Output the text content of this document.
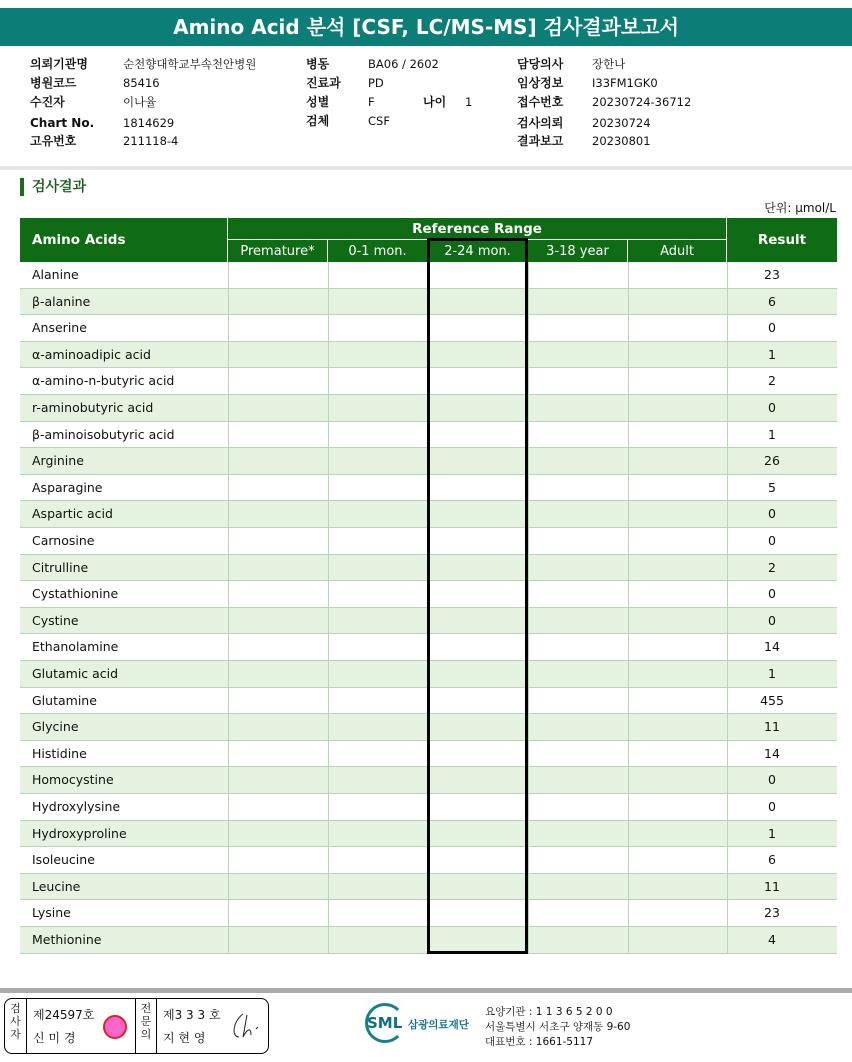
Amino Acid 분석 [CSF, LC/MS-MS] 검사결과보고서
의뢰기관명	순천향대학교부속천안병원
병원코드	85416
수진자	이나율
Chart No.	1814629
고유번호	211118-4
병동	BA06 / 2602
진료과 PD
성별	F
검체	CSF
나이 1
담당의사 장한나
임상정보 I33FM1GK0
접수번호 20230724-36712
검사의뢰 20230724
결과보고 20230801
검사결과
단위: μmol/L
Amino Acids
Reference Range
Result
Premature*	0-1 mon.	2-24 mon.	3-18 year	Adult
Alanine	23
β-alanine	6
Anserine	0
α-aminoadipic acid	1
α-amino-n-butyric acid	2
r-aminobutyric acid	0
β-aminoisobutyric acid	1
Arginine	26
Asparagine	5
Aspartic acid	0
Carnosine	0
Citrulline	2
Cystathionine	0
Cystine	0
Ethanolamine	14
Glutamic acid	1
Glutamine	455
Glycine	11
Histidine	14
Homocystine	0
Hydroxylysine	0
Hydroxyproline	1
Isoleucine	6
Leucine	11
Lysine	23
Methionine	4
검사자
제24597호
신 미 경
전문의
제3 3 3 호
지 현 영
SML 삼광의료재단
요양기관 : 1 1 3 6 5 2 0 0
서울특별시 서초구 양재동 9-60
대표번호 : 1661-5117
